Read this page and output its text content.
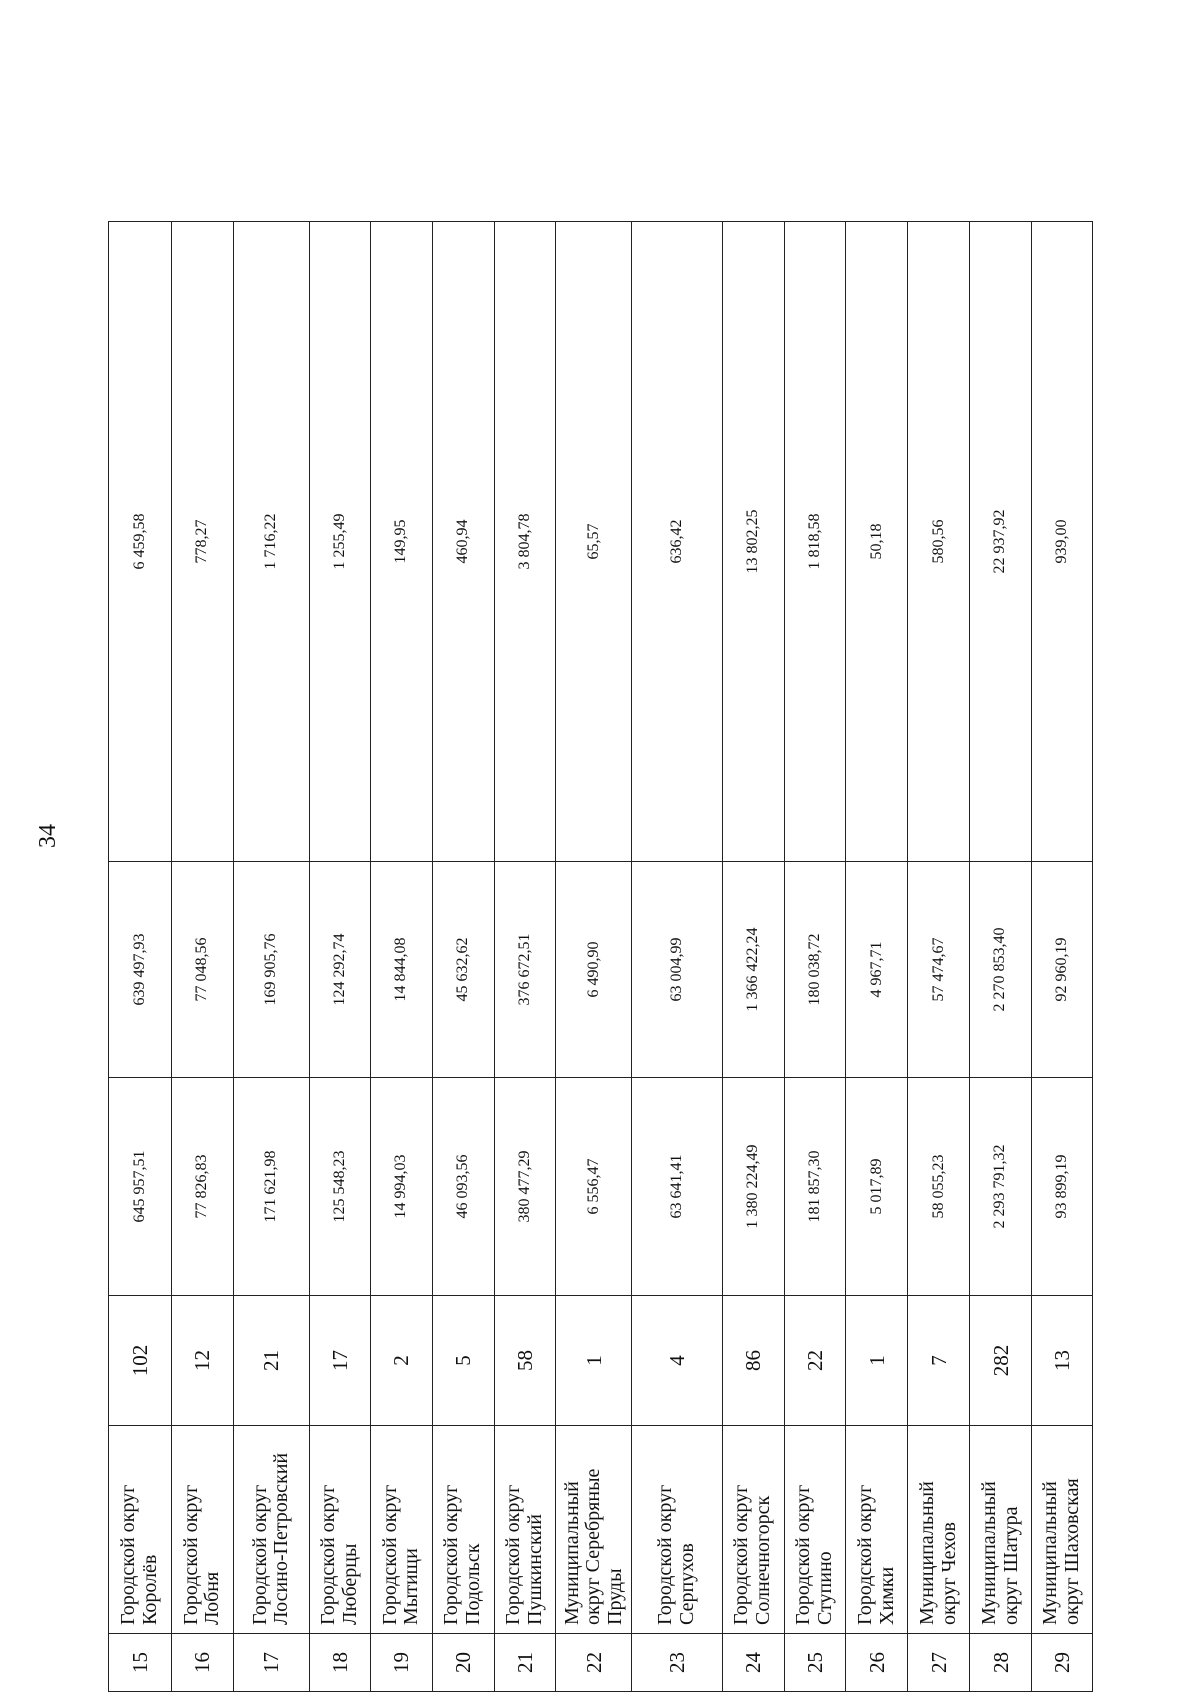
34
15	Городской округ Королёв	102	645 957,51	639 497,93	6 459,58
16	Городской округ Лобня	12	77 826,83	77 048,56	778,27
17	Городской округ Лосино-Петровский	21	171 621,98	169 905,76	1 716,22
18	Городской округ Люберцы	17	125 548,23	124 292,74	1 255,49
19	Городской округ Мытищи	2	14 994,03	14 844,08	149,95
20	Городской округ Подольск	5	46 093,56	45 632,62	460,94
21	Городской округ Пушкинский	58	380 477,29	376 672,51	3 804,78
22	Муниципальный округ Серебряные Пруды	1	6 556,47	6 490,90	65,57
23	Городской округ Серпухов	4	63 641,41	63 004,99	636,42
24	Городской округ Солнечногорск	86	1 380 224,49	1 366 422,24	13 802,25
25	Городской округ Ступино	22	181 857,30	180 038,72	1 818,58
26	Городской округ Химки	1	5 017,89	4 967,71	50,18
27	Муниципальный округ Чехов	7	58 055,23	57 474,67	580,56
28	Муниципальный округ Шатура	282	2 293 791,32	2 270 853,40	22 937,92
29	Муниципальный округ Шаховская	13	93 899,19	92 960,19	939,00
